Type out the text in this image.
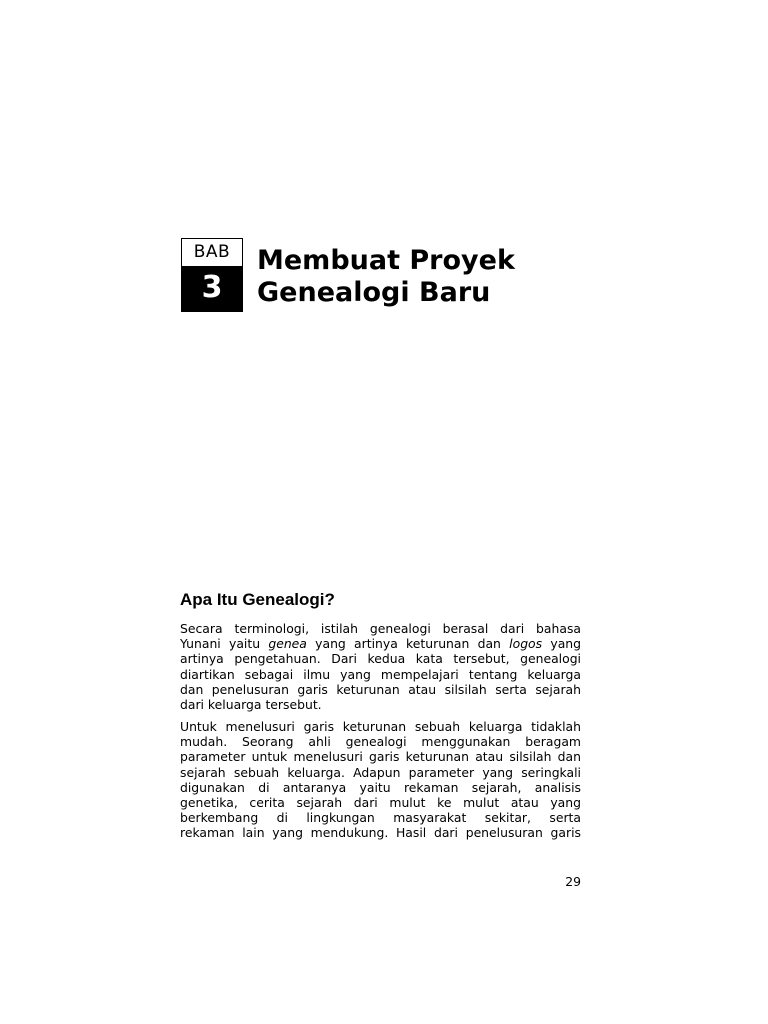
BAB
3
Membuat Proyek
Genealogi Baru
Apa Itu Genealogi?
Secara terminologi, istilah genealogi berasal dari bahasa
Yunani yaitu genea yang artinya keturunan dan logos yang
artinya pengetahuan. Dari kedua kata tersebut, genealogi
diartikan sebagai ilmu yang mempelajari tentang keluarga
dan penelusuran garis keturunan atau silsilah serta sejarah
dari keluarga tersebut.
Untuk menelusuri garis keturunan sebuah keluarga tidaklah
mudah. Seorang ahli genealogi menggunakan beragam
parameter untuk menelusuri garis keturunan atau silsilah dan
sejarah sebuah keluarga. Adapun parameter yang seringkali
digunakan di antaranya yaitu rekaman sejarah, analisis
genetika, cerita sejarah dari mulut ke mulut atau yang
berkembang di lingkungan masyarakat sekitar, serta
rekaman lain yang mendukung. Hasil dari penelusuran garis
29
